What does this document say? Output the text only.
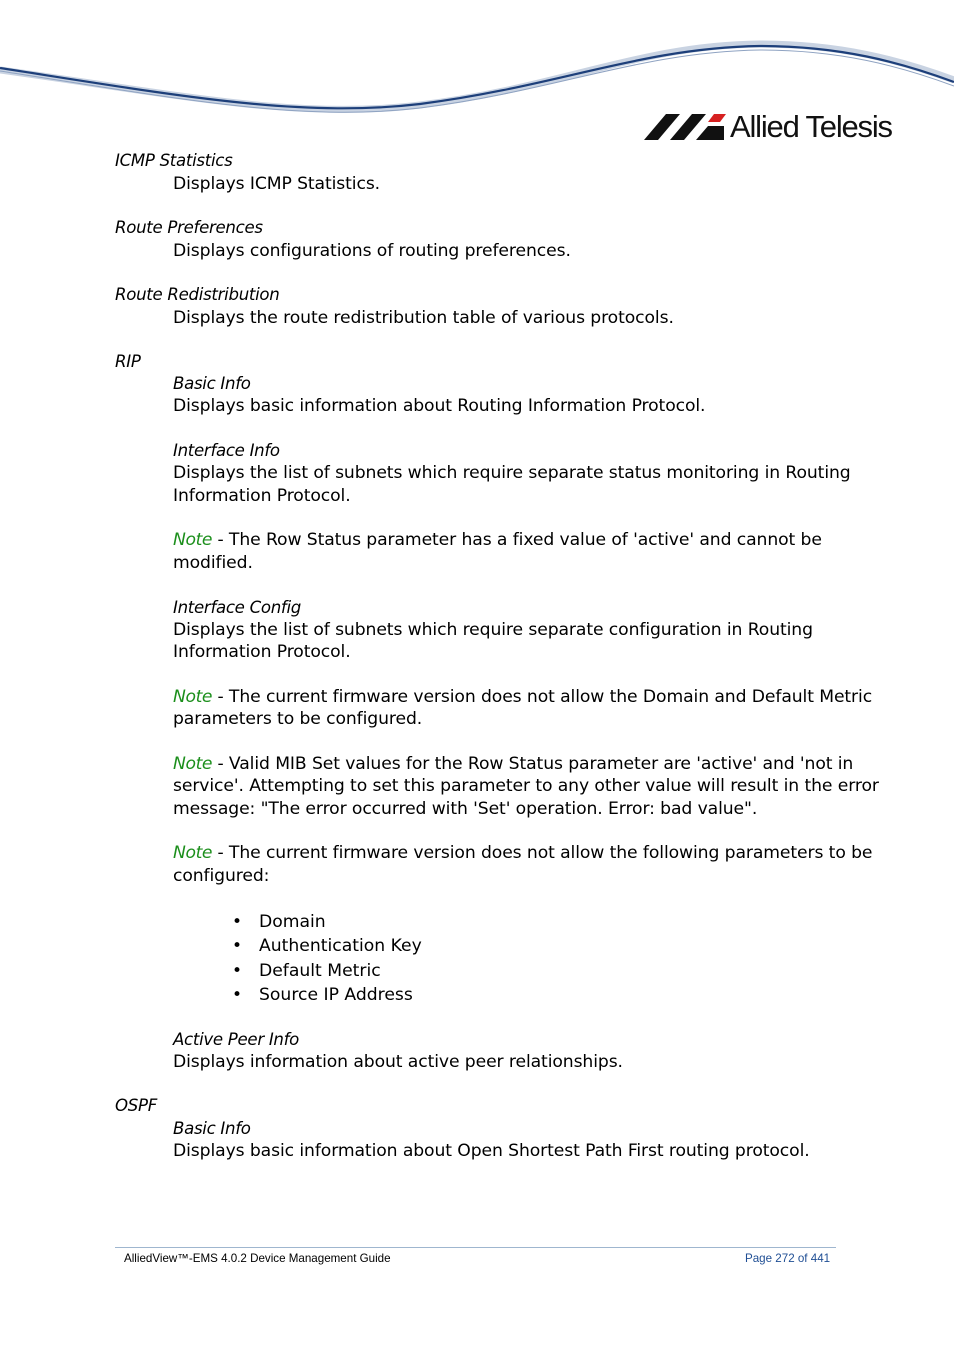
Allied Telesis
ICMP Statistics
Displays ICMP Statistics.
Route Preferences
Displays configurations of routing preferences.
Route Redistribution
Displays the route redistribution table of various protocols.
RIP
Basic Info
Displays basic information about Routing Information Protocol.
Interface Info
Displays the list of subnets which require separate status monitoring in Routing
Information Protocol.
Note - The Row Status parameter has a fixed value of 'active' and cannot be
modified.
Interface Config
Displays the list of subnets which require separate configuration in Routing
Information Protocol.
Note - The current firmware version does not allow the Domain and Default Metric
parameters to be configured.
Note - Valid MIB Set values for the Row Status parameter are 'active' and 'not in
service'. Attempting to set this parameter to any other value will result in the error
message: "The error occurred with 'Set' operation. Error: bad value".
Note - The current firmware version does not allow the following parameters to be
configured:
• Domain
• Authentication Key
• Default Metric
• Source IP Address
Active Peer Info
Displays information about active peer relationships.
OSPF
Basic Info
Displays basic information about Open Shortest Path First routing protocol.
AlliedView™-EMS 4.0.2 Device Management Guide	Page 272 of 441
